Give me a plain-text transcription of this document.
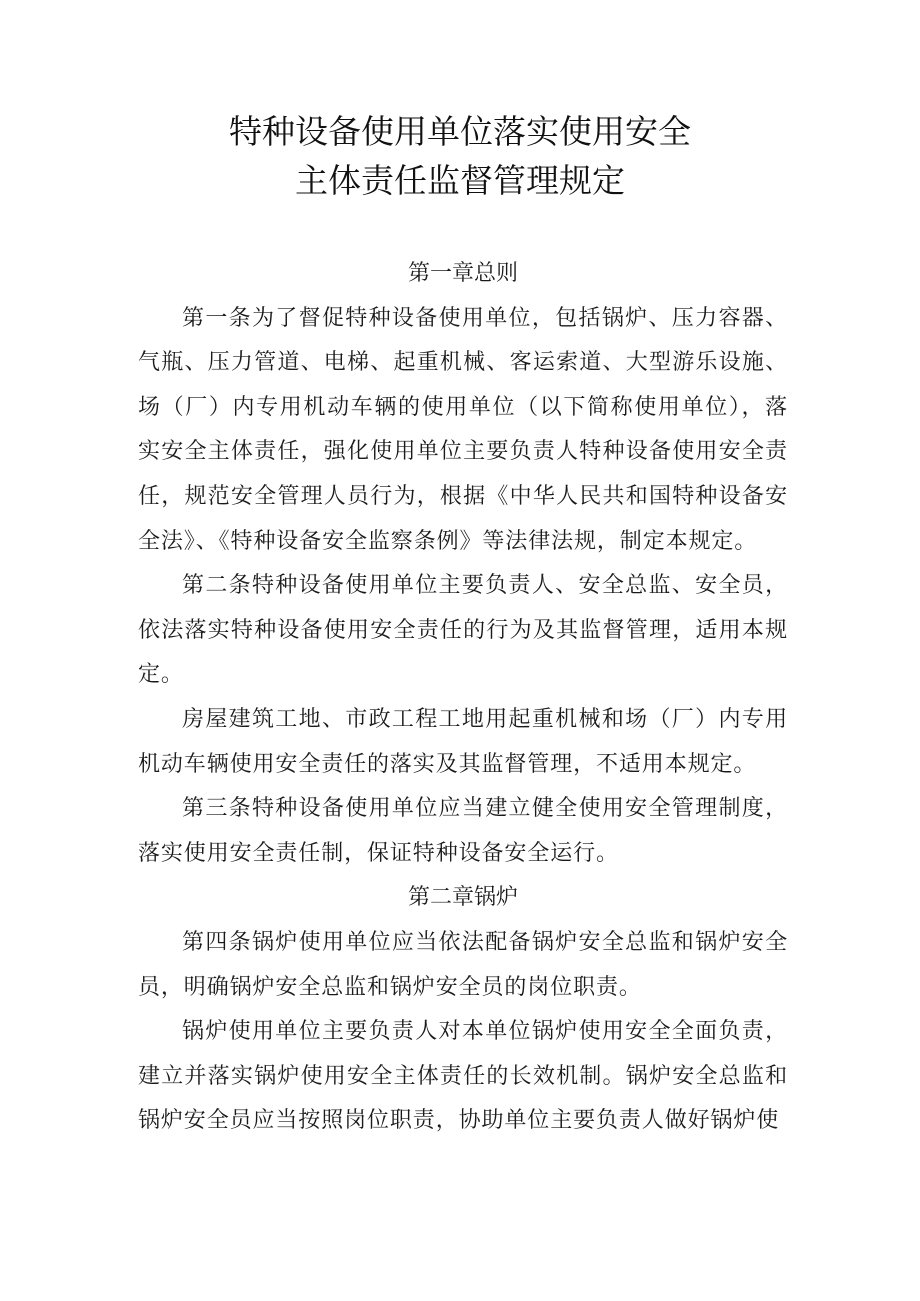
特种设备使用单位落实使用安全
主体责任监督管理规定
第一章总则

第一条为了督促特种设备使用单位，包括锅炉、压力容器、气瓶、压力管道、电梯、起重机械、客运索道、大型游乐设施、场（厂）内专用机动车辆的使用单位（以下简称使用单位），落实安全主体责任，强化使用单位主要负责人特种设备使用安全责任，规范安全管理人员行为，根据《中华人民共和国特种设备安全法》、《特种设备安全监察条例》等法律法规，制定本规定。

第二条特种设备使用单位主要负责人、安全总监、安全员，依法落实特种设备使用安全责任的行为及其监督管理，适用本规定。

房屋建筑工地、市政工程工地用起重机械和场（厂）内专用机动车辆使用安全责任的落实及其监督管理，不适用本规定。

第三条特种设备使用单位应当建立健全使用安全管理制度，落实使用安全责任制，保证特种设备安全运行。

第二章锅炉

第四条锅炉使用单位应当依法配备锅炉安全总监和锅炉安全员，明确锅炉安全总监和锅炉安全员的岗位职责。

锅炉使用单位主要负责人对本单位锅炉使用安全全面负责，建立并落实锅炉使用安全主体责任的长效机制。锅炉安全总监和锅炉安全员应当按照岗位职责，协助单位主要负责人做好锅炉使
